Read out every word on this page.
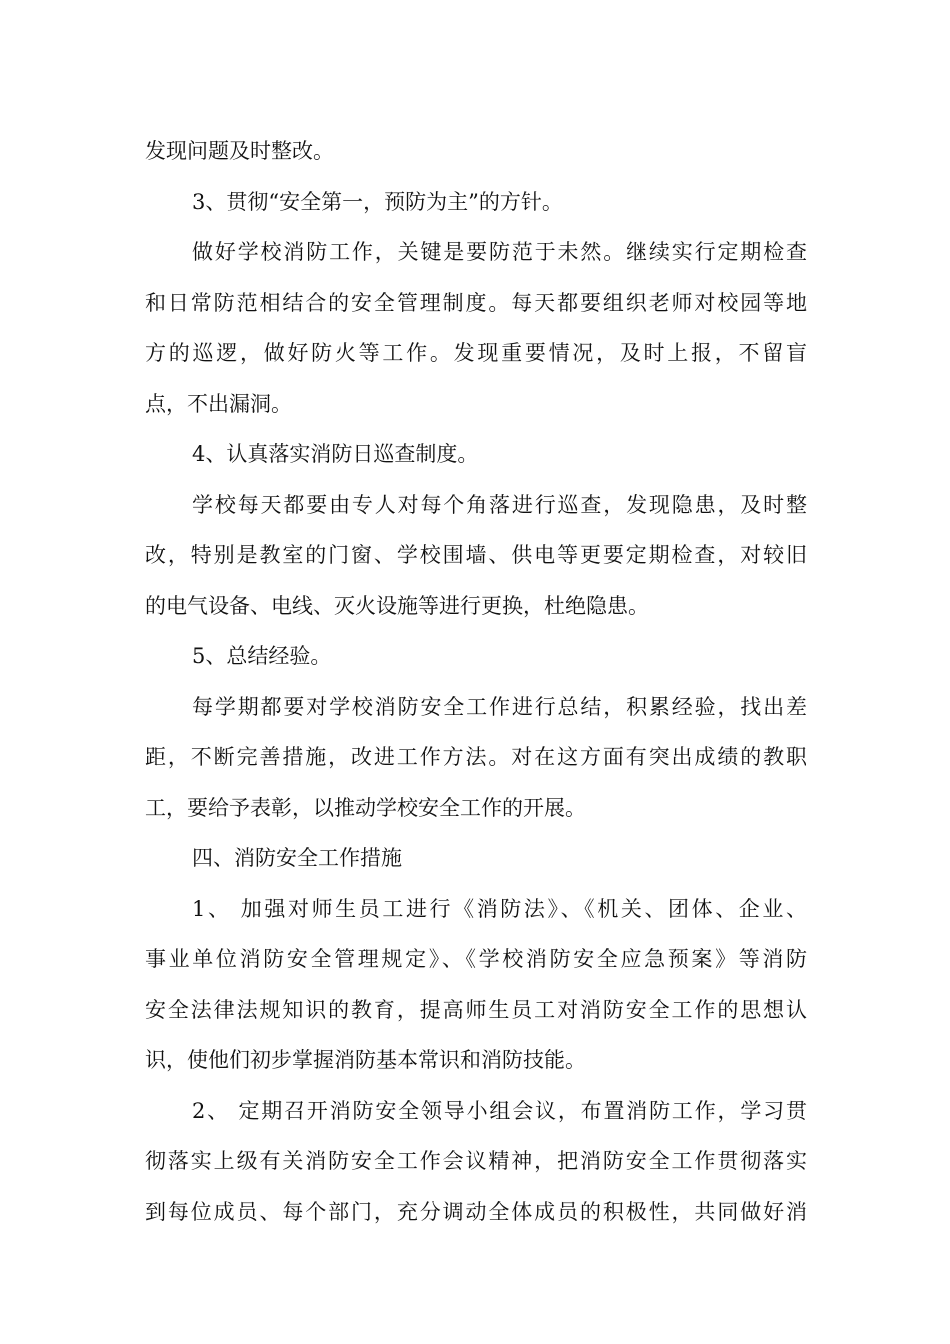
发现问题及时整改。
3、贯彻“安全第一，预防为主”的方针。
做好学校消防工作，关键是要防范于未然。继续实行定期检查
和日常防范相结合的安全管理制度。每天都要组织老师对校园等地
方的巡逻，做好防火等工作。发现重要情况，及时上报，不留盲
点，不出漏洞。
4、认真落实消防日巡查制度。
学校每天都要由专人对每个角落进行巡查，发现隐患，及时整
改，特别是教室的门窗、学校围墙、供电等更要定期检查，对较旧
的电气设备、电线、灭火设施等进行更换，杜绝隐患。
5、总结经验。
每学期都要对学校消防安全工作进行总结，积累经验，找出差
距，不断完善措施，改进工作方法。对在这方面有突出成绩的教职
工，要给予表彰，以推动学校安全工作的开展。
四、消防安全工作措施
1、 加强对师生员工进行《消防法》、《机关、团体、企业、
事业单位消防安全管理规定》、《学校消防安全应急预案》等消防
安全法律法规知识的教育，提高师生员工对消防安全工作的思想认
识，使他们初步掌握消防基本常识和消防技能。
2、 定期召开消防安全领导小组会议，布置消防工作，学习贯
彻落实上级有关消防安全工作会议精神，把消防安全工作贯彻落实
到每位成员、每个部门，充分调动全体成员的积极性，共同做好消
